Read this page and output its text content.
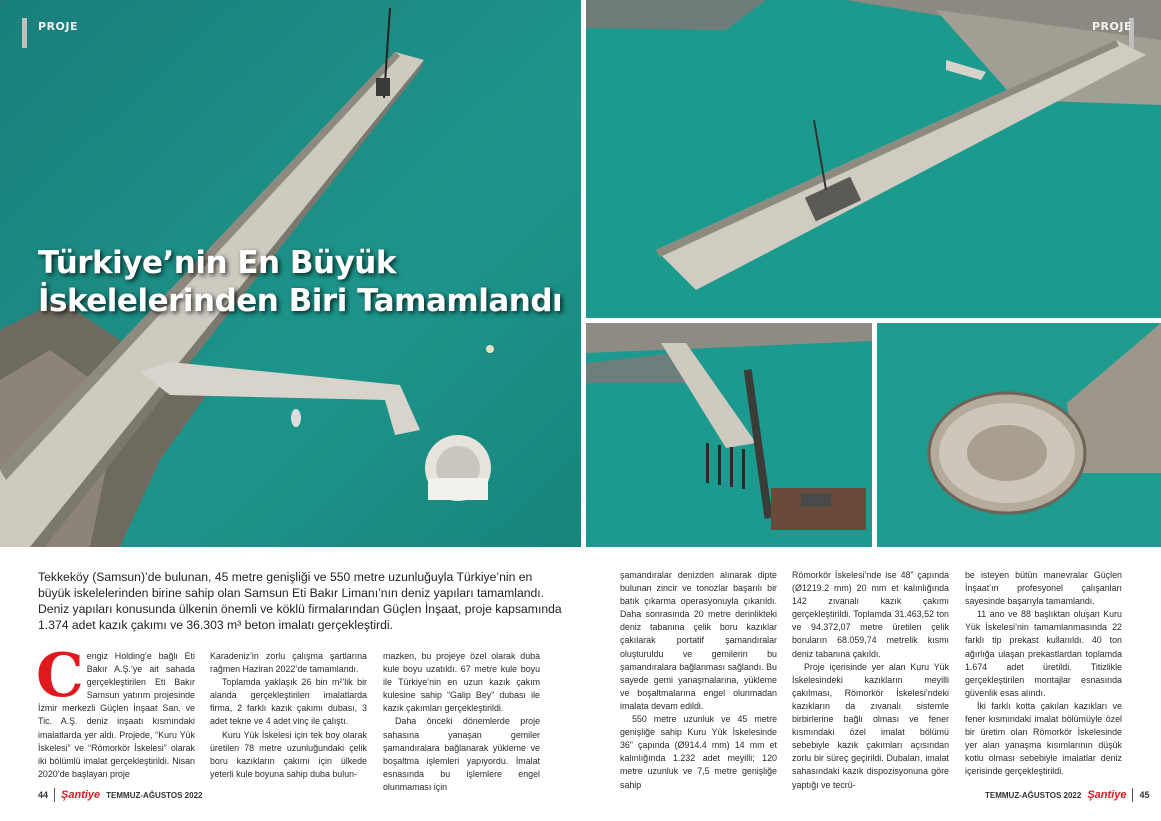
PROJE
Türkiye’nin En Büyük
İskelelerinden Biri Tamamlandı
PROJE

Tekkeköy (Samsun)’de bulunan, 45 metre genişliği ve 550 metre uzunluğuyla Türkiye’nin en büyük iskelelerinden birine sahip olan Samsun Eti Bakır Limanı’nın deniz yapıları tamamlandı. Deniz yapıları konusunda ülkenin önemli ve köklü firmalarından Güçlen İnşaat, proje kapsamında 1.374 adet kazık çakımı ve 36.303 m³ beton imalatı gerçekleştirdi.

Cengiz Holding’e bağlı Eti Bakır A.Ş.’ye ait sahada gerçekleştirilen Eti Bakır Samsun yatırım projesinde İzmir merkezli Güçlen İnşaat San. ve Tic. A.Ş. deniz inşaatı kısmındaki imalatlarda yer aldı. Projede, “Kuru Yük İskelesi” ve “Römorkör İskelesi” olarak iki bölümlü imalat gerçekleştirildi. Nisan 2020’de başlayan proje

Karadeniz’in zorlu çalışma şartlarına rağmen Haziran 2022’de tamamlandı.

Toplamda yaklaşık 26 bin m²’lik bir alanda gerçekleştirilen imalatlarda firma, 2 farklı kazık çakımı dubası, 3 adet tekne ve 4 adet vinç ile çalıştı.

Kuru Yük İskelesi için tek boy olarak üretilen 78 metre uzunluğundaki çelik boru kazıkların çakımı için ülkede yeterli kule boyuna sahip duba bulun-

mazken, bu projeye özel olarak duba kule boyu uzatıldı. 67 metre kule boyu ile Türkiye’nin en uzun kazık çakım kulesine sahip “Galip Bey” dubası ile kazık çakımları gerçekleştirildi.

Daha önceki dönemlerde proje sahasına yanaşan gemiler şamandıralara bağlanarak yükleme ve boşaltma işlemleri yapıyordu. İmalat esnasında bu işlemlere engel olunmaması için

şamandıralar denizden alınarak dipte bulunan zincir ve tonozlar başarılı bir batık çıkarma operasyonuyla çıkarıldı. Daha sonrasında 20 metre derinlikteki deniz tabanına çelik boru kazıklar çakılarak portatif şamandıralar oluşturuldu ve gemilerin bu şamandıralara bağlanması sağlandı. Bu sayede gemi yanaşmalarına, yükleme ve boşaltmalarına engel olunmadan imalata devam edildi.

550 metre uzunluk ve 45 metre genişliğe sahip Kuru Yük İskelesinde 36” çapında (Ø914.4 mm) 14 mm et kalınlığında 1.232 adet meyilli; 120 metre uzunluk ve 7,5 metre genişliğe sahip

Römorkör İskelesi’nde ise 48” çapında (Ø1219.2 mm) 20 mm et kalınlığında 142 zıvanalı kazık çakımı gerçekleştirildi. Toplamda 31.463,52 ton ve 94.372,07 metre üretilen çelik boruların 68.059,74 metrelik kısmı deniz tabanına çakıldı.

Proje içerisinde yer alan Kuru Yük İskelesindeki kazıkların meyilli çakılması, Römorkör İskelesi’ndeki kazıkların da zıvanalı sistemle birbirlerine bağlı olması ve fener kısmındaki özel imalat bölümü sebebiyle kazık çakımları açısından zorlu bir süreç geçirildi. Dubaları, imalat sahasındaki kazık dispozisyonuna göre yaptığı ve tecrü-

be isteyen bütün manevralar Güçlen İnşaat’ın profesyonel çalışanları sayesinde başarıyla tamamlandı.

11 ano ve 88 başlıktan oluşan Kuru Yük İskelesi’nin tamamlanmasında 22 farklı tip prekast kullanıldı. 40 ton ağırlığa ulaşan prekastlardan toplamda 1.674 adet üretildi. Titizlikle gerçekleştirilen montajlar esnasında güvenlik esas alındı.

İki farklı kotta çakılan kazıkları ve fener kısmındaki imalat bölümüyle özel bir üretim olan Römorkör İskelesinde yer alan yanaşma kısımlarının düşük kotlu olması sebebiyle imalatlar deniz içerisinde gerçekleştirildi.

44 Şantiye TEMMUZ-AĞUSTOS 2022	TEMMUZ-AĞUSTOS 2022 Şantiye 45
